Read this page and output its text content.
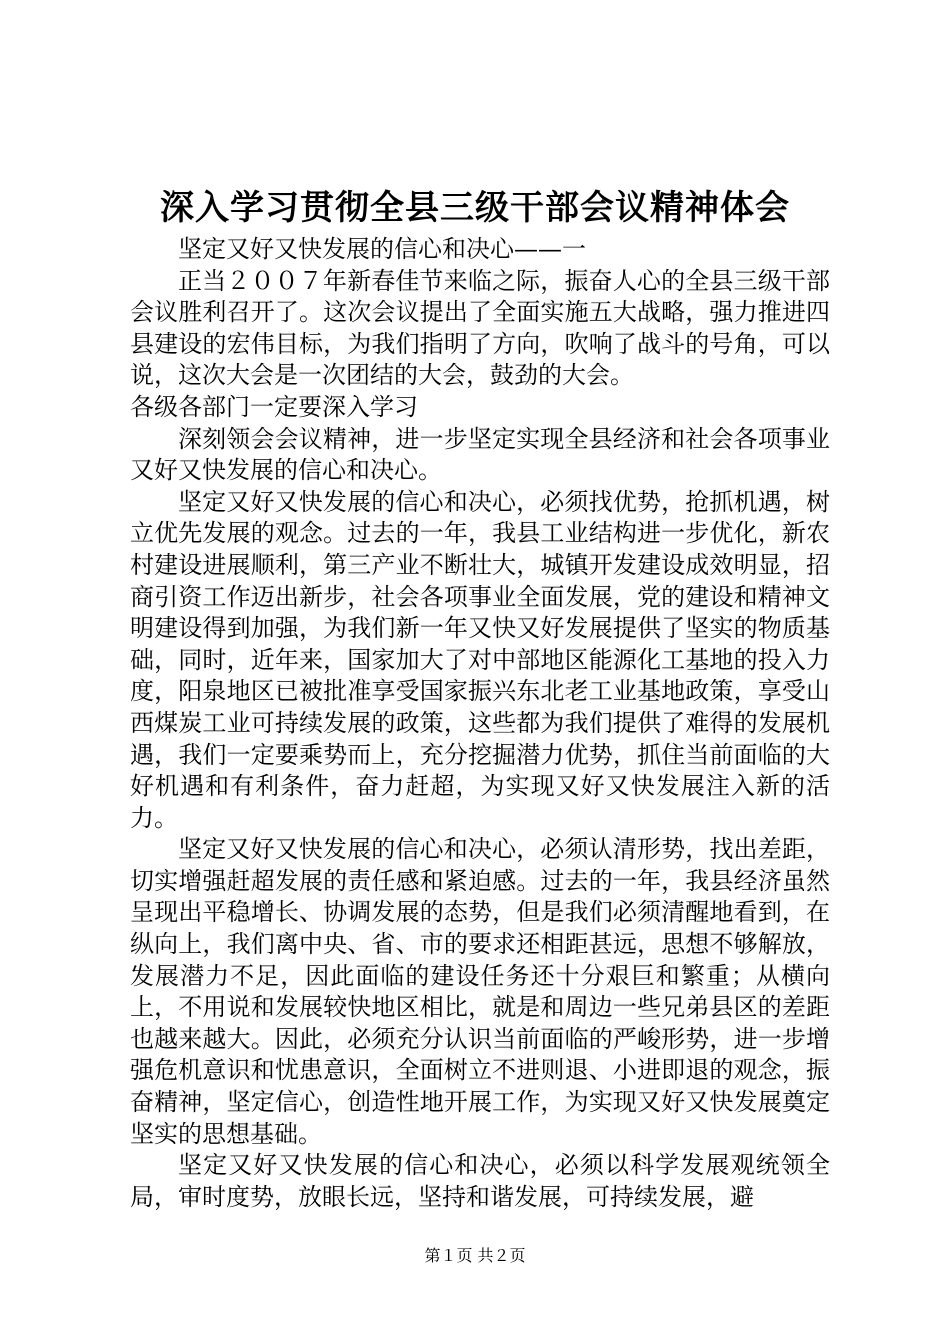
深入学习贯彻全县三级干部会议精神体会

坚定又好又快发展的信心和决心——一

正当２００７年新春佳节来临之际，振奋人心的全县三级干部会议胜利召开了。这次会议提出了全面实施五大战略，强力推进四县建设的宏伟目标，为我们指明了方向，吹响了战斗的号角，可以说，这次大会是一次团结的大会，鼓劲的大会。

各级各部门一定要深入学习

深刻领会会议精神，进一步坚定实现全县经济和社会各项事业又好又快发展的信心和决心。

坚定又好又快发展的信心和决心，必须找优势，抢抓机遇，树立优先发展的观念。过去的一年，我县工业结构进一步优化，新农村建设进展顺利，第三产业不断壮大，城镇开发建设成效明显，招商引资工作迈出新步，社会各项事业全面发展，党的建设和精神文明建设得到加强，为我们新一年又快又好发展提供了坚实的物质基础，同时，近年来，国家加大了对中部地区能源化工基地的投入力度，阳泉地区已被批准享受国家振兴东北老工业基地政策，享受山西煤炭工业可持续发展的政策，这些都为我们提供了难得的发展机遇，我们一定要乘势而上，充分挖掘潜力优势，抓住当前面临的大好机遇和有利条件，奋力赶超，为实现又好又快发展注入新的活力。

坚定又好又快发展的信心和决心，必须认清形势，找出差距，切实增强赶超发展的责任感和紧迫感。过去的一年，我县经济虽然呈现出平稳增长、协调发展的态势，但是我们必须清醒地看到，在纵向上，我们离中央、省、市的要求还相距甚远，思想不够解放，发展潜力不足，因此面临的建设任务还十分艰巨和繁重；从横向上，不用说和发展较快地区相比，就是和周边一些兄弟县区的差距也越来越大。因此，必须充分认识当前面临的严峻形势，进一步增强危机意识和忧患意识，全面树立不进则退、小进即退的观念，振奋精神，坚定信心，创造性地开展工作，为实现又好又快发展奠定坚实的思想基础。

坚定又好又快发展的信心和决心，必须以科学发展观统领全局，审时度势，放眼长远，坚持和谐发展，可持续发展，避

第１页 共２页
